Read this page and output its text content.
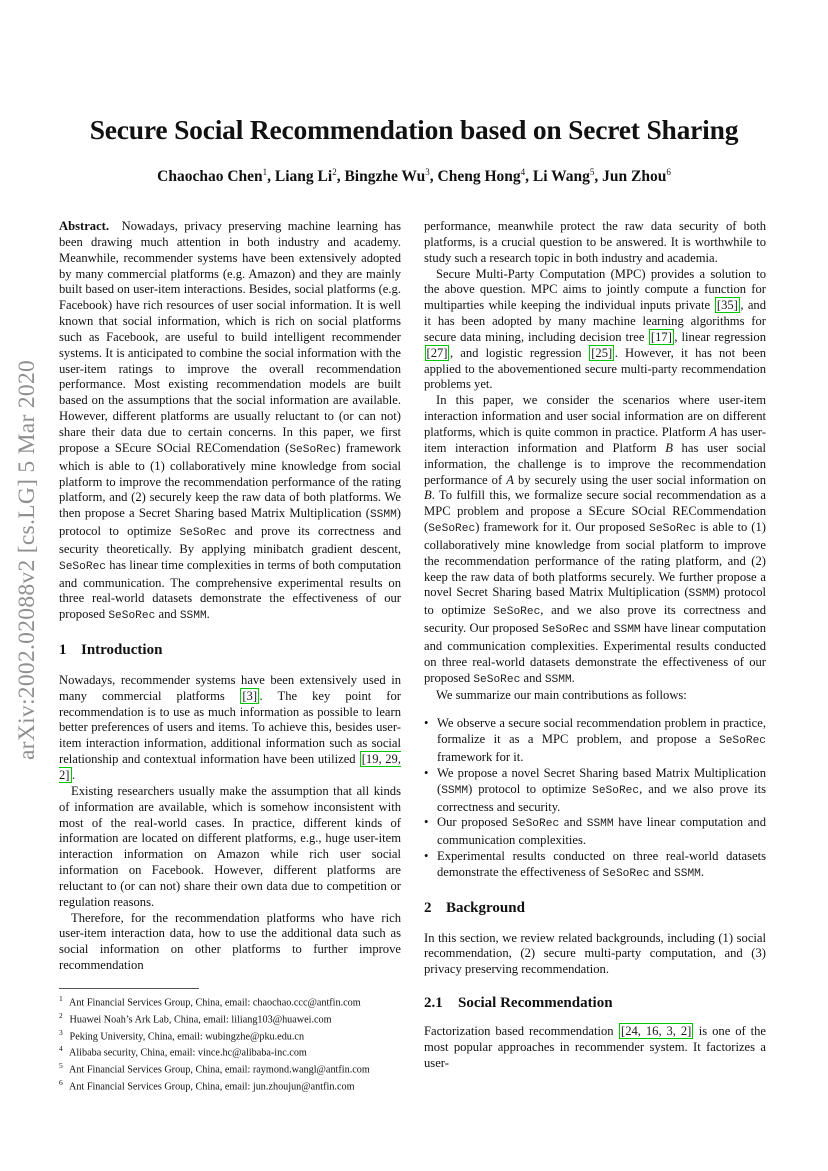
arXiv:2002.02088v2 [cs.LG] 5 Mar 2020
Secure Social Recommendation based on Secret Sharing
Chaochao Chen$^1$, Liang Li$^2$, Bingzhe Wu$^3$, Cheng Hong$^4$, Li Wang$^5$, Jun Zhou$^6$

Abstract. Nowadays, privacy preserving machine learning has been drawing much attention in both industry and academy. Meanwhile, recommender systems have been extensively adopted by many commercial platforms (e.g. Amazon) and they are mainly built based on user-item interactions. Besides, social platforms (e.g. Facebook) have rich resources of user social information. It is well known that social information, which is rich on social platforms such as Facebook, are useful to build intelligent recommender systems. It is anticipated to combine the social information with the user-item ratings to improve the overall recommendation performance. Most existing recommendation models are built based on the assumptions that the social information are available. However, different platforms are usually reluctant to (or can not) share their data due to certain concerns. In this paper, we first propose a SEcure SOcial REComendation (SeSoRec) framework which is able to (1) collaboratively mine knowledge from social platform to improve the recommendation performance of the rating platform, and (2) securely keep the raw data of both platforms. We then propose a Secret Sharing based Matrix Multiplication (SSMM) protocol to optimize SeSoRec and prove its correctness and security theoretically. By applying minibatch gradient descent, SeSoRec has linear time complexities in terms of both computation and communication. The comprehensive experimental results on three real-world datasets demonstrate the effectiveness of our proposed SeSoRec and SSMM.

1 Introduction

Nowadays, recommender systems have been extensively used in many commercial platforms [3] . The key point for recommendation is to use as much information as possible to learn better preferences of users and items. To achieve this, besides user-item interaction information, additional information such as social relationship and contextual information have been utilized [19, 29, 2] .

Existing researchers usually make the assumption that all kinds of information are available, which is somehow inconsistent with most of the real-world cases. In practice, different kinds of information are located on different platforms, e.g., huge user-item interaction information on Amazon while rich user social information on Facebook. However, different platforms are reluctant to (or can not) share their own data due to competition or regulation reasons.

Therefore, for the recommendation platforms who have rich user-item interaction data, how to use the additional data such as social information on other platforms to further improve recommendation

$^1$ Ant Financial Services Group, China, email: chaochao.ccc@antfin.com
$^2$ Huawei Noah’s Ark Lab, China, email: liliang103@huawei.com
$^3$ Peking University, China, email: wubingzhe@pku.edu.cn
$^4$ Alibaba security, China, email: vince.hc@alibaba-inc.com
$^5$ Ant Financial Services Group, China, email: raymond.wangl@antfin.com
$^6$ Ant Financial Services Group, China, email: jun.zhoujun@antfin.com

performance, meanwhile protect the raw data security of both platforms, is a crucial question to be answered. It is worthwhile to study such a research topic in both industry and academia.

Secure Multi-Party Computation (MPC) provides a solution to the above question. MPC aims to jointly compute a function for multiparties while keeping the individual inputs private [35] , and it has been adopted by many machine learning algorithms for secure data mining, including decision tree [17] , linear regression [27] , and logistic regression [25] . However, it has not been applied to the abovementioned secure multi-party recommendation problems yet.

In this paper, we consider the scenarios where user-item interaction information and user social information are on different platforms, which is quite common in practice. Platform A has user-item interaction information and Platform B has user social information, the challenge is to improve the recommendation performance of A by securely using the user social information on B. To fulfill this, we formalize secure social recommendation as a MPC problem and propose a SEcure SOcial RECommendation (SeSoRec) framework for it. Our proposed SeSoRec is able to (1) collaboratively mine knowledge from social platform to improve the recommendation performance of the rating platform, and (2) keep the raw data of both platforms securely. We further propose a novel Secret Sharing based Matrix Multiplication (SSMM) protocol to optimize SeSoRec, and we also prove its correctness and security. Our proposed SeSoRec and SSMM have linear computation and communication complexities. Experimental results conducted on three real-world datasets demonstrate the effectiveness of our proposed SeSoRec and SSMM.

We summarize our main contributions as follows:

• We observe a secure social recommendation problem in practice, formalize it as a MPC problem, and propose a SeSoRec framework for it.
• We propose a novel Secret Sharing based Matrix Multiplication (SSMM) protocol to optimize SeSoRec, and we also prove its correctness and security.
• Our proposed SeSoRec and SSMM have linear computation and communication complexities.
• Experimental results conducted on three real-world datasets demonstrate the effectiveness of SeSoRec and SSMM.
2 Background

In this section, we review related backgrounds, including (1) social recommendation, (2) secure multi-party computation, and (3) privacy preserving recommendation.

2.1 Social Recommendation

Factorization based recommendation [24, 16, 3, 2] is one of the most popular approaches in recommender system. It factorizes a user-
